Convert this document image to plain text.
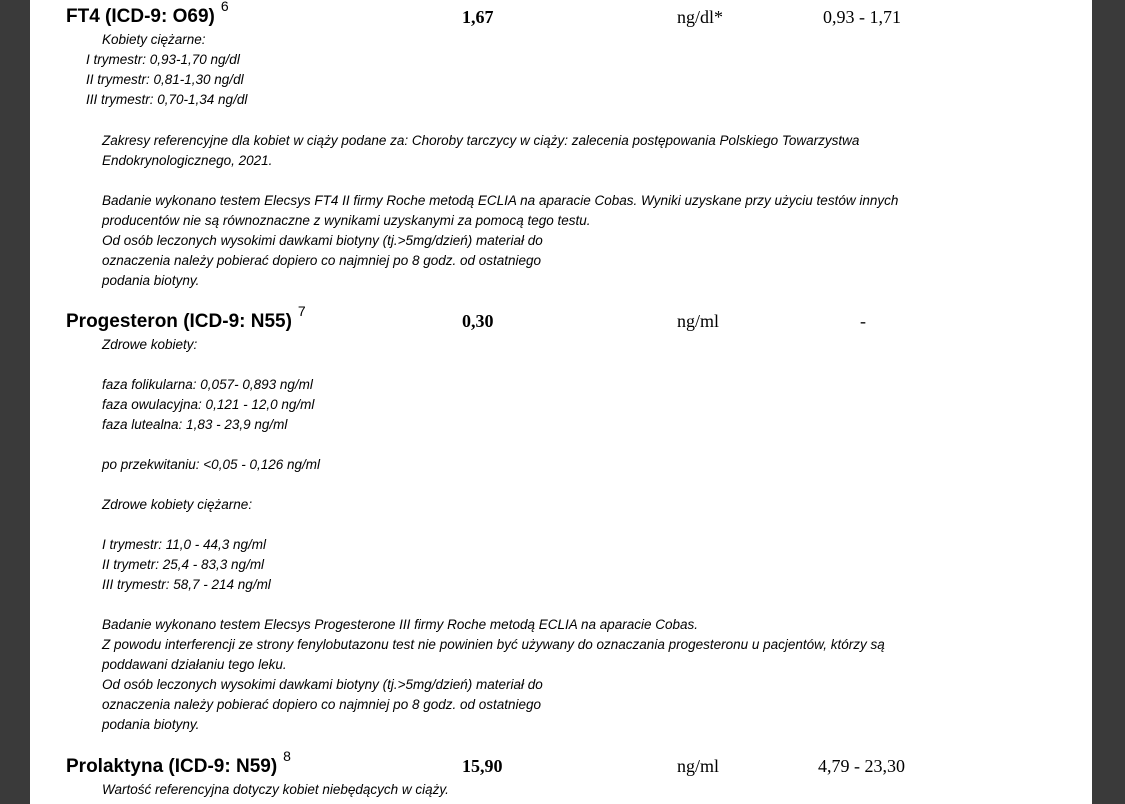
FT4 (ICD-9: O69)$^6$
1,67	ng/dl*	0,93 - 1,71
Kobiety ciężarne:
I trymestr: 0,93-1,70 ng/dl
II trymestr: 0,81-1,30 ng/dl
III trymestr: 0,70-1,34 ng/dl
Zakresy referencyjne dla kobiet w ciąży podane za: Choroby tarczycy w ciąży: zalecenia postępowania Polskiego Towarzystwa
Endokrynologicznego, 2021.
Badanie wykonano testem Elecsys FT4 II firmy Roche metodą ECLIA na aparacie Cobas. Wyniki uzyskane przy użyciu testów innych
producentów nie są równoznaczne z wynikami uzyskanymi za pomocą tego testu.
Od osób leczonych wysokimi dawkami biotyny (tj.>5mg/dzień) materiał do
oznaczenia należy pobierać dopiero co najmniej po 8 godz. od ostatniego
podania biotyny.
Progesteron (ICD-9: N55)$^7$
0,30	ng/ml	-
Zdrowe kobiety:
faza folikularna: 0,057- 0,893 ng/ml
faza owulacyjna: 0,121 - 12,0 ng/ml
faza lutealna: 1,83 - 23,9 ng/ml
po przekwitaniu: <0,05 - 0,126 ng/ml
Zdrowe kobiety ciężarne:
I trymestr: 11,0 - 44,3 ng/ml
II trymetr: 25,4 - 83,3 ng/ml
III trymestr: 58,7 - 214 ng/ml
Badanie wykonano testem Elecsys Progesterone III firmy Roche metodą ECLIA na aparacie Cobas.
Z powodu interferencji ze strony fenylobutazonu test nie powinien być używany do oznaczania progesteronu u pacjentów, którzy są
poddawani działaniu tego leku.
Od osób leczonych wysokimi dawkami biotyny (tj.>5mg/dzień) materiał do
oznaczenia należy pobierać dopiero co najmniej po 8 godz. od ostatniego
podania biotyny.
Prolaktyna (ICD-9: N59)$^8$
15,90	ng/ml	4,79 - 23,30
Wartość referencyjna dotyczy kobiet niebędących w ciąży.
